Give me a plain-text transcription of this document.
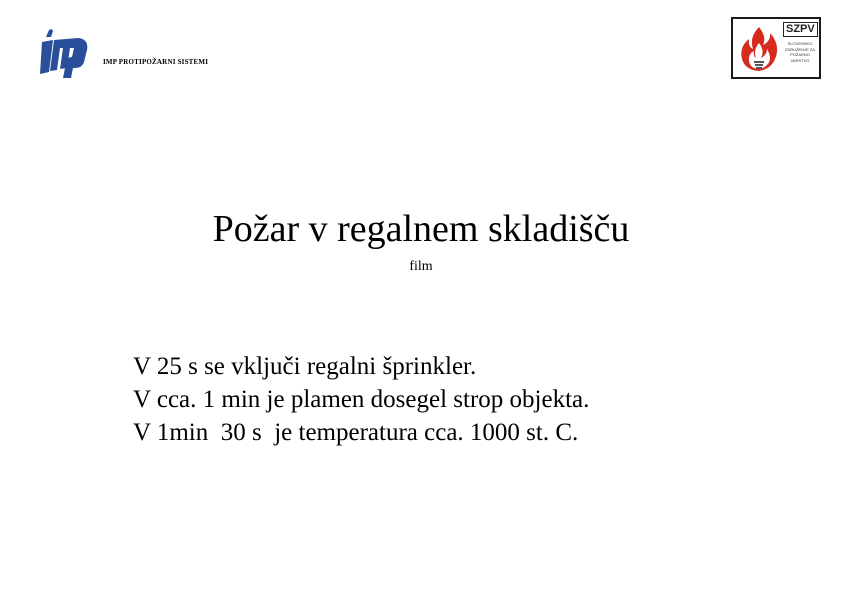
IMP PROTIPOŽARNI SISTEMI
SZPV
SLOVENSKO ZDRUŽENJE ZA POŽARNO VARSTVO
Požar v regalnem skladišču
film
V 25 s se vključi regalni šprinkler.
V cca. 1 min je plamen dosegel strop objekta.
V 1min  30 s  je temperatura cca. 1000 st. C.
